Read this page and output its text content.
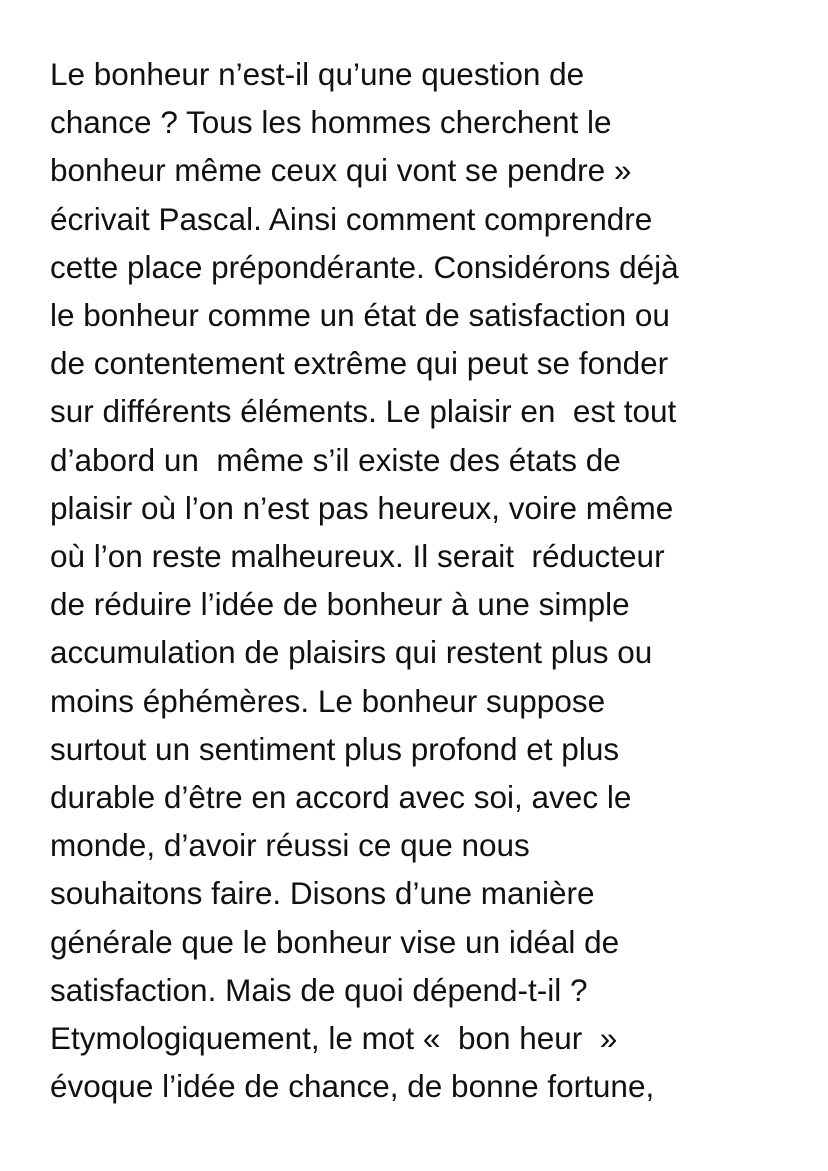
Le bonheur n’est-il qu’une question de
chance ? Tous les hommes cherchent le
bonheur même ceux qui vont se pendre »
écrivait Pascal. Ainsi comment comprendre
cette place prépondérante. Considérons déjà
le bonheur comme un état de satisfaction ou
de contentement extrême qui peut se fonder
sur différents éléments. Le plaisir en  est tout
d’abord un  même s’il existe des états de
plaisir où l’on n’est pas heureux, voire même
où l’on reste malheureux. Il serait  réducteur
de réduire l’idée de bonheur à une simple
accumulation de plaisirs qui restent plus ou
moins éphémères. Le bonheur suppose
surtout un sentiment plus profond et plus
durable d’être en accord avec soi, avec le
monde, d’avoir réussi ce que nous
souhaitons faire. Disons d’une manière
générale que le bonheur vise un idéal de
satisfaction. Mais de quoi dépend-t-il ?
Etymologiquement, le mot «  bon heur  »
évoque l’idée de chance, de bonne fortune,
